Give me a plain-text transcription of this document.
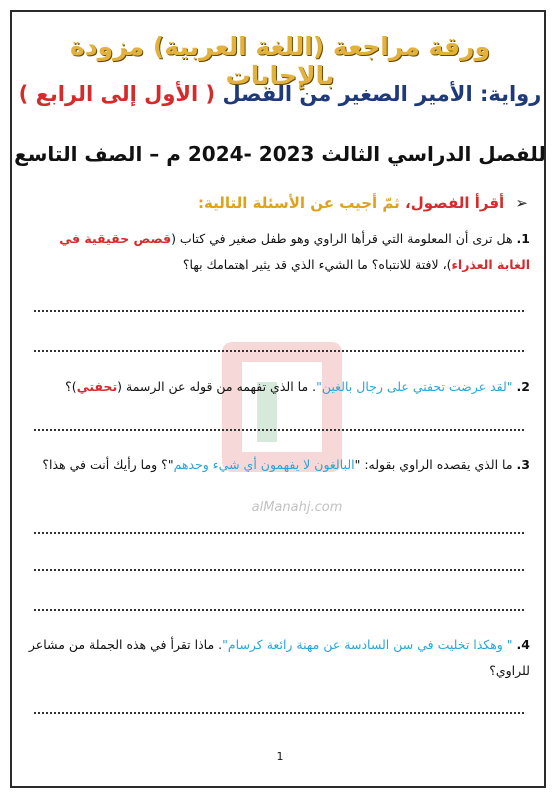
ورقة مراجعة (اللغة العربية) مزودة بالإجابات
رواية: الأمير الصغير من الفصل ( الأول إلى الرابع )
للفصل الدراسي الثالث 2023 -2024 م – الصف التاسع
➢ أقرأ الفصول، ثمّ أجيب عن الأسئلة التالية:
alManahj.com
1. هل ترى أن المعلومة التي قرأها الراوي وهو طفل صغير في كتاب (قصص حقيقية في الغابة العذراء)، لافتة للانتباه؟ ما الشيء الذي قد يثير اهتمامك بها؟
2. "لقد عرضت تحفتي على رجال بالغين". ما الذي تفهمه من قوله عن الرسمة (تحفتي)؟
3. ما الذي يقصده الراوي بقوله: "البالغون لا يفهمون أي شيء وحدهم"؟ وما رأيك أنت في هذا؟
4. " وهكذا تخليت في سن السادسة عن مهنة رائعة كرسام". ماذا تقرأ في هذه الجملة من مشاعر للراوي؟
1
